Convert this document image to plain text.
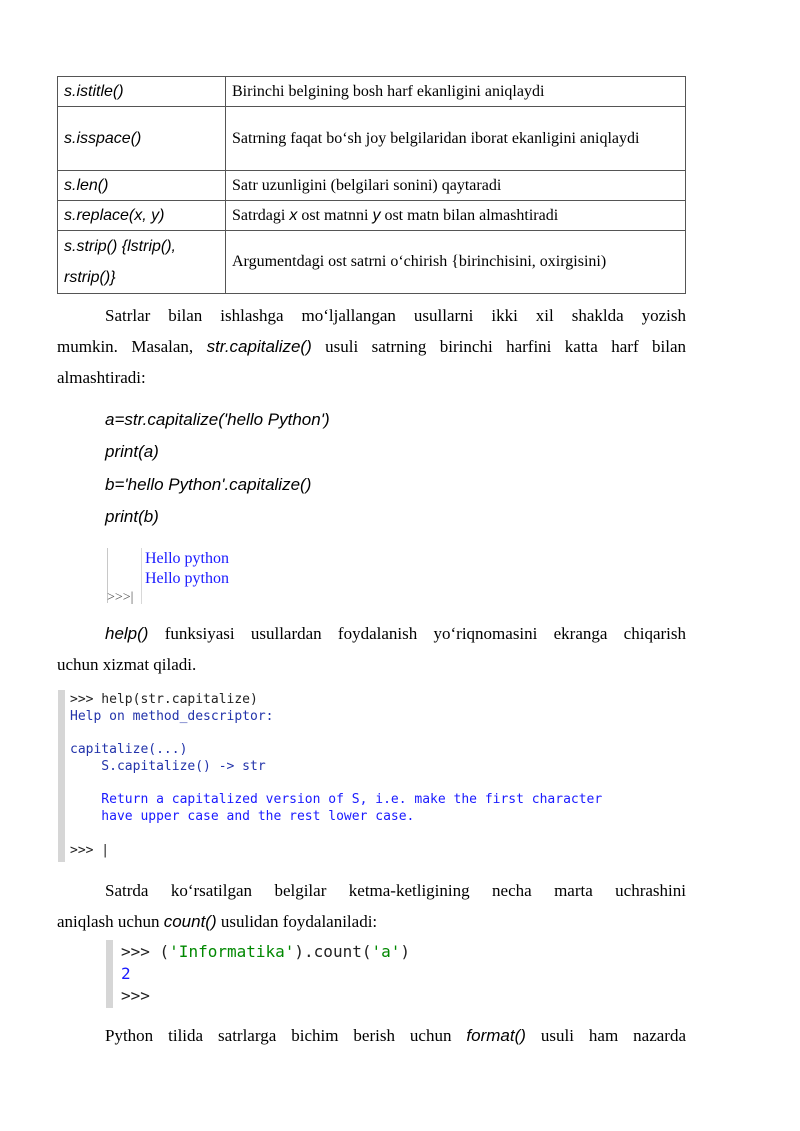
s.istitle()	Birinchi belgining bosh harf ekanligini aniqlaydi
s.isspace()	Satrning faqat bo‘sh joy belgilaridan iborat ekanligini aniqlaydi
s.len()	Satr uzunligini (belgilari sonini) qaytaradi
s.replace(x, y)	Satrdagi x ost matnni y ost matn bilan almashtiradi
s.strip() {lstrip(),
rstrip()}	Argumentdagi ost satrni o‘chirish {birinchisini, oxirgisini)
Satrlar bilan ishlashga mo‘ljallangan usullarni ikki xil shaklda yozish
mumkin. Masalan, str.capitalize() usuli satrning birinchi harfini katta harf bilan
almashtiradi:
a=str.capitalize('hello Python')
print(a)
b='hello Python'.capitalize()
print(b)
Hello python
Hello python
>>>|
help() funksiyasi usullardan foydalanish yo‘riqnomasini ekranga chiqarish
uchun xizmat qiladi.
>>> help(str.capitalize)
Help on method_descriptor:
capitalize(...)
S.capitalize() -> str
Return a capitalized version of S, i.e. make the first character
have upper case and the rest lower case.
>>> |
Satrda ko‘rsatilgan belgilar ketma-ketligining necha marta uchrashini
aniqlash uchun count() usulidan foydalaniladi:
>>> ('Informatika').count('a')
2
>>>
Python tilida satrlarga bichim berish uchun format() usuli ham nazarda
